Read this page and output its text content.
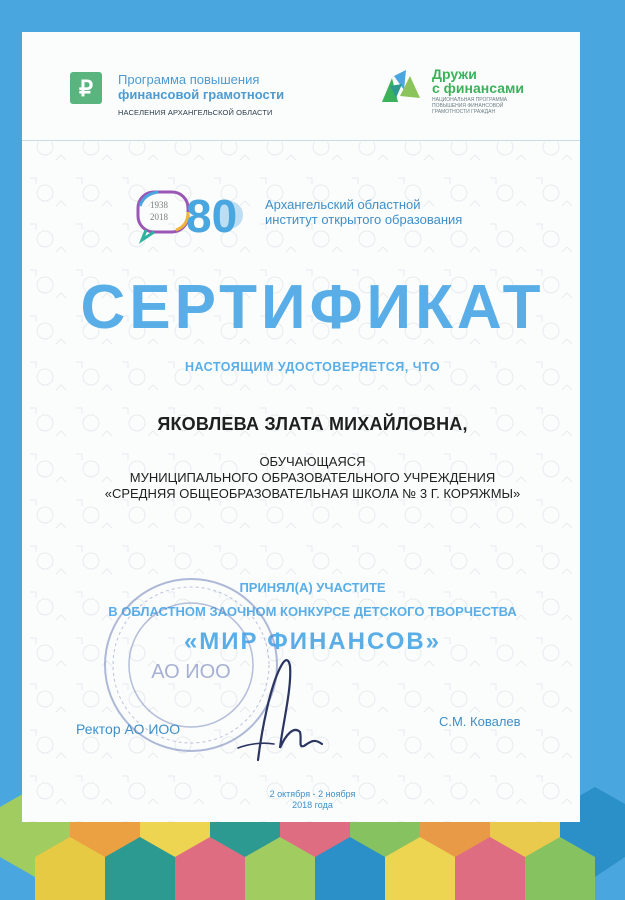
₽	Программа повышения
финансовой грамотности
НАСЕЛЕНИЯ АРХАНГЕЛЬСКОЙ ОБЛАСТИ
Дружи
с финансами
НАЦИОНАЛЬНАЯ ПРОГРАММА ПОВЫШЕНИЯ ФИНАНСОВОЙ ГРАМОТНОСТИ ГРАЖДАН
1938
2018 80 Архангельский областной
институт открытого образования
СЕРТИФИКАТ
НАСТОЯЩИМ УДОСТОВЕРЯЕТСЯ, ЧТО
ЯКОВЛЕВА ЗЛАТА МИХАЙЛОВНА,
ОБУЧАЮЩАЯСЯ
МУНИЦИПАЛЬНОГО ОБРАЗОВАТЕЛЬНОГО УЧРЕЖДЕНИЯ
«СРЕДНЯЯ ОБЩЕОБРАЗОВАТЕЛЬНАЯ ШКОЛА № 3 Г. КОРЯЖМЫ»
ПРИНЯЛ(А) УЧАСТИТЕ
В ОБЛАСТНОМ ЗАОЧНОМ КОНКУРСЕ ДЕТСКОГО ТВОРЧЕСТВА
«МИР ФИНАНСОВ»
АО ИОО
Ректор АО ИОО	С.М. Ковалев
2 октября - 2 ноября
2018 года
